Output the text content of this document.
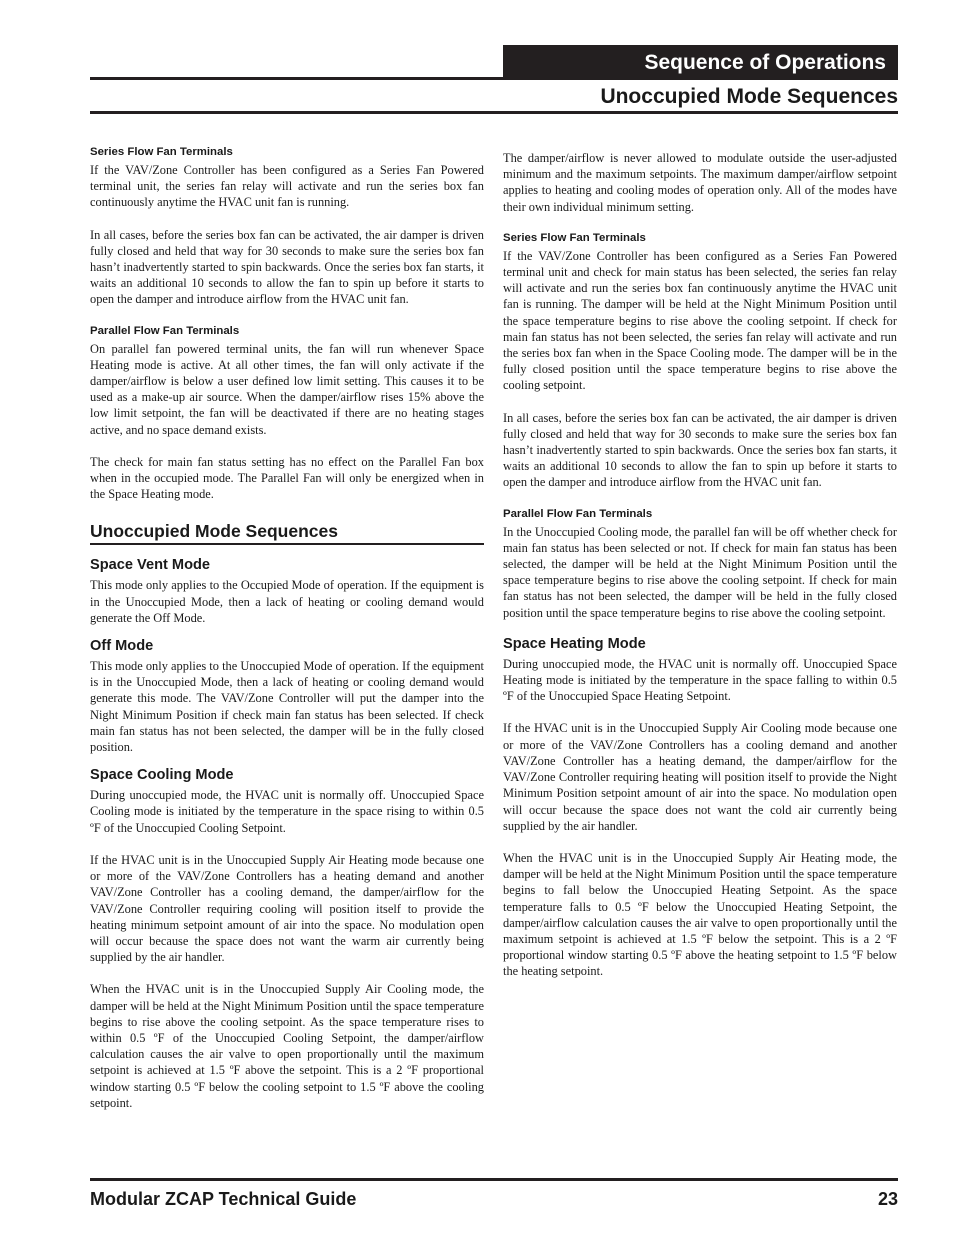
Sequence of Operations
Unoccupied Mode Sequences
Series Flow Fan Terminals

If the VAV/Zone Controller has been configured as a Series Fan Powered terminal unit, the series fan relay will activate and run the series box fan continuously anytime the HVAC unit fan is running.

In all cases, before the series box fan can be activated, the air damper is driven fully closed and held that way for 30 seconds to make sure the series box fan hasn’t inadvertently started to spin backwards. Once the series box fan starts, it waits an additional 10 seconds to allow the fan to spin up before it starts to open the damper and introduce airflow from the HVAC unit fan.

Parallel Flow Fan Terminals

On parallel fan powered terminal units, the fan will run whenever Space Heating mode is active. At all other times, the fan will only activate if the damper/airflow is below a user defined low limit setting. This causes it to be used as a make-up air source. When the damper/airflow rises 15% above the low limit setpoint, the fan will be deactivated if there are no heating stages active, and no space demand exists.

The check for main fan status setting has no effect on the Parallel Fan box when in the occupied mode. The Parallel Fan will only be energized when in the Space Heating mode.

Unoccupied Mode Sequences
Space Vent Mode

This mode only applies to the Occupied Mode of operation. If the equipment is in the Unoccupied Mode, then a lack of heating or cooling demand would generate the Off Mode.

Off Mode

This mode only applies to the Unoccupied Mode of operation. If the equipment is in the Unoccupied Mode, then a lack of heating or cooling demand would generate this mode. The VAV/Zone Controller will put the damper into the Night Minimum Position if check main fan status has been selected. If check main fan status has not been selected, the damper will be in the fully closed position.

Space Cooling Mode

During unoccupied mode, the HVAC unit is normally off. Unoccupied Space Cooling mode is initiated by the temperature in the space rising to within 0.5 ºF of the Unoccupied Cooling Setpoint.

If the HVAC unit is in the Unoccupied Supply Air Heating mode because one or more of the VAV/Zone Controllers has a heating demand and another VAV/Zone Controller has a cooling demand, the damper/airflow for the VAV/Zone Controller requiring cooling will position itself to provide the heating minimum setpoint amount of air into the space. No modulation open will occur because the space does not want the warm air currently being supplied by the air handler.

When the HVAC unit is in the Unoccupied Supply Air Cooling mode, the damper will be held at the Night Minimum Position until the space temperature begins to rise above the cooling setpoint. As the space temperature rises to within 0.5 ºF of the Unoccupied Cooling Setpoint, the damper/airflow calculation causes the air valve to open proportionally until the maximum setpoint is achieved at 1.5 ºF above the setpoint. This is a 2 ºF proportional window starting 0.5 ºF below the cooling setpoint to 1.5 ºF above the cooling setpoint.

The damper/airflow is never allowed to modulate outside the user-adjusted minimum and the maximum setpoints. The maximum damper/airflow setpoint applies to heating and cooling modes of operation only. All of the modes have their own individual minimum setting.

Series Flow Fan Terminals

If the VAV/Zone Controller has been configured as a Series Fan Powered terminal unit and check for main status has been selected, the series fan relay will activate and run the series box fan continuously anytime the HVAC unit fan is running. The damper will be held at the Night Minimum Position until the space temperature begins to rise above the cooling setpoint. If check for main fan status has not been selected, the series fan relay will activate and run the series box fan when in the Space Cooling mode. The damper will be in the fully closed position until the space temperature begins to rise above the cooling setpoint.

In all cases, before the series box fan can be activated, the air damper is driven fully closed and held that way for 30 seconds to make sure the series box fan hasn’t inadvertently started to spin backwards. Once the series box fan starts, it waits an additional 10 seconds to allow the fan to spin up before it starts to open the damper and introduce airflow from the HVAC unit fan.

Parallel Flow Fan Terminals

In the Unoccupied Cooling mode, the parallel fan will be off whether check for main fan status has been selected or not. If check for main fan status has been selected, the damper will be held at the Night Minimum Position until the space temperature begins to rise above the cooling setpoint. If check for main fan status has not been selected, the damper will be held in the fully closed position until the space temperature begins to rise above the cooling setpoint.

Space Heating Mode

During unoccupied mode, the HVAC unit is normally off. Unoccupied Space Heating mode is initiated by the temperature in the space falling to within 0.5 ºF of the Unoccupied Space Heating Setpoint.

If the HVAC unit is in the Unoccupied Supply Air Cooling mode because one or more of the VAV/Zone Controllers has a cooling demand and another VAV/Zone Controller has a heating demand, the damper/airflow for the VAV/Zone Controller requiring heating will position itself to provide the Night Minimum Position setpoint amount of air into the space. No modulation open will occur because the space does not want the cold air currently being supplied by the air handler.

When the HVAC unit is in the Unoccupied Supply Air Heating mode, the damper will be held at the Night Minimum Position until the space temperature begins to fall below the Unoccupied Heating Setpoint. As the space temperature falls to 0.5 ºF below the Unoccupied Heating Setpoint, the damper/airflow calculation causes the air valve to open proportionally until the maximum setpoint is achieved at 1.5 ºF below the setpoint. This is a 2 ºF proportional window starting 0.5 ºF above the heating setpoint to 1.5 ºF below the heating setpoint.

Modular ZCAP Technical Guide	23
